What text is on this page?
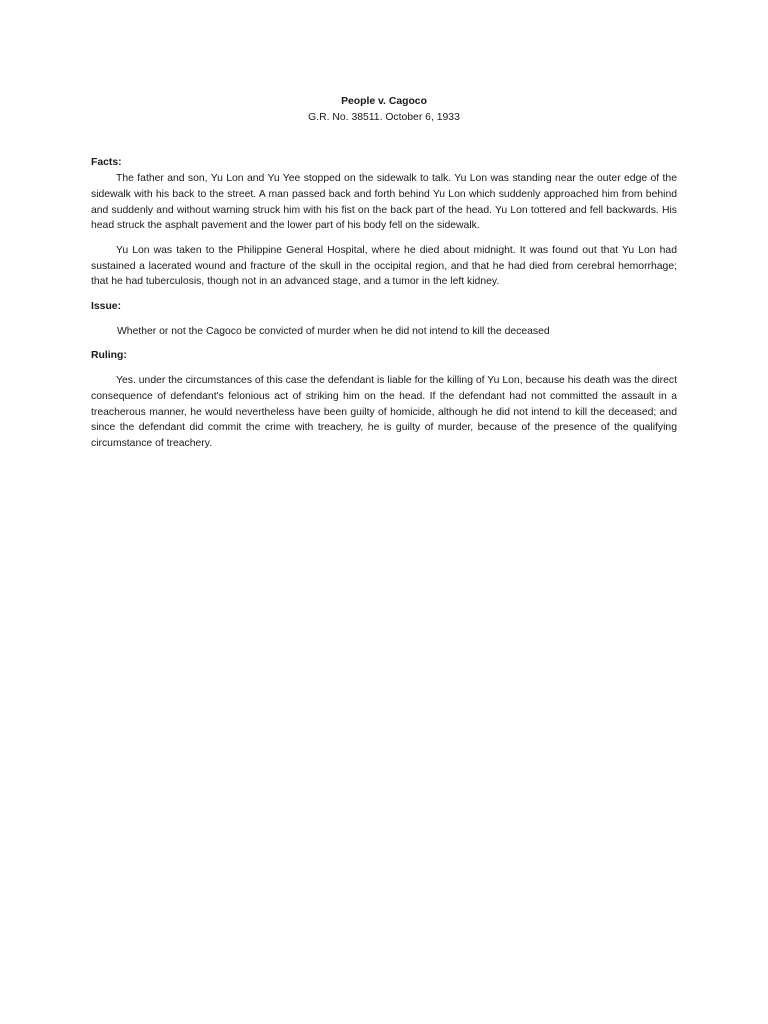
People v. Cagoco
G.R. No. 38511. October 6, 1933
Facts:

The father and son, Yu Lon and Yu Yee stopped on the sidewalk to talk. Yu Lon was standing near the outer edge of the sidewalk with his back to the street. A man passed back and forth behind Yu Lon which suddenly approached him from behind and suddenly and without warning struck him with his fist on the back part of the head. Yu Lon tottered and fell backwards. His head struck the asphalt pavement and the lower part of his body fell on the sidewalk.

Yu Lon was taken to the Philippine General Hospital, where he died about midnight. It was found out that Yu Lon had sustained a lacerated wound and fracture of the skull in the occipital region, and that he had died from cerebral hemorrhage; that he had tuberculosis, though not in an advanced stage, and a tumor in the left kidney.

Issue:

Whether or not the Cagoco be convicted of murder when he did not intend to kill the deceased

Ruling:

Yes. under the circumstances of this case the defendant is liable for the killing of Yu Lon, because his death was the direct consequence of defendant's felonious act of striking him on the head. If the defendant had not committed the assault in a treacherous manner, he would nevertheless have been guilty of homicide, although he did not intend to kill the deceased; and since the defendant did commit the crime with treachery, he is guilty of murder, because of the presence of the qualifying circumstance of treachery.
